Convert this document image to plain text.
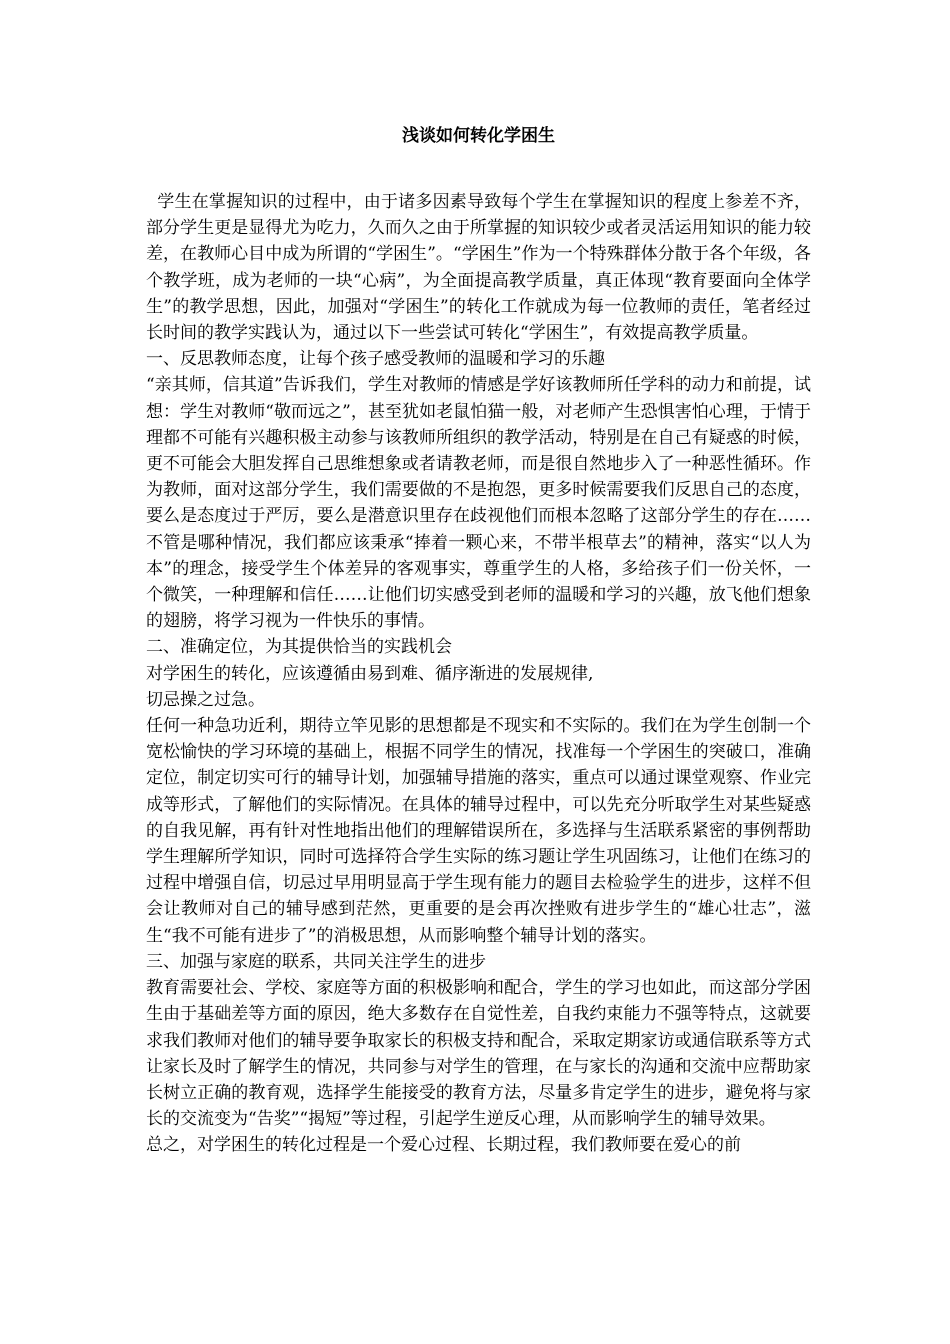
浅谈如何转化学困生

学生在掌握知识的过程中，由于诸多因素导致每个学生在掌握知识的程度上参差不齐，部分学生更是显得尤为吃力，久而久之由于所掌握的知识较少或者灵活运用知识的能力较差，在教师心目中成为所谓的“学困生”。“学困生”作为一个特殊群体分散于各个年级，各个教学班，成为老师的一块“心病”，为全面提高教学质量，真正体现“教育要面向全体学生”的教学思想，因此，加强对“学困生”的转化工作就成为每一位教师的责任，笔者经过长时间的教学实践认为，通过以下一些尝试可转化“学困生”，有效提高教学质量。

一、反思教师态度，让每个孩子感受教师的温暖和学习的乐趣

“亲其师，信其道”告诉我们，学生对教师的情感是学好该教师所任学科的动力和前提，试想：学生对教师“敬而远之”，甚至犹如老鼠怕猫一般，对老师产生恐惧害怕心理，于情于理都不可能有兴趣积极主动参与该教师所组织的教学活动，特别是在自己有疑惑的时候，更不可能会大胆发挥自己思维想象或者请教老师，而是很自然地步入了一种恶性循环。作为教师，面对这部分学生，我们需要做的不是抱怨，更多时候需要我们反思自己的态度，要么是态度过于严厉，要么是潜意识里存在歧视他们而根本忽略了这部分学生的存在……不管是哪种情况，我们都应该秉承“捧着一颗心来，不带半根草去”的精神，落实“以人为本”的理念，接受学生个体差异的客观事实，尊重学生的人格，多给孩子们一份关怀，一个微笑，一种理解和信任……让他们切实感受到老师的温暖和学习的兴趣，放飞他们想象的翅膀，将学习视为一件快乐的事情。

二、准确定位，为其提供恰当的实践机会

对学困生的转化，应该遵循由易到难、循序渐进的发展规律,

切忌操之过急。

任何一种急功近利，期待立竿见影的思想都是不现实和不实际的。我们在为学生创制一个宽松愉快的学习环境的基础上，根据不同学生的情况，找准每一个学困生的突破口，准确定位，制定切实可行的辅导计划，加强辅导措施的落实，重点可以通过课堂观察、作业完成等形式，了解他们的实际情况。在具体的辅导过程中，可以先充分听取学生对某些疑惑的自我见解，再有针对性地指出他们的理解错误所在，多选择与生活联系紧密的事例帮助学生理解所学知识，同时可选择符合学生实际的练习题让学生巩固练习，让他们在练习的过程中增强自信，切忌过早用明显高于学生现有能力的题目去检验学生的进步，这样不但会让教师对自己的辅导感到茫然，更重要的是会再次挫败有进步学生的“雄心壮志”，滋生“我不可能有进步了”的消极思想，从而影响整个辅导计划的落实。

三、加强与家庭的联系，共同关注学生的进步

教育需要社会、学校、家庭等方面的积极影响和配合，学生的学习也如此，而这部分学困生由于基础差等方面的原因，绝大多数存在自觉性差，自我约束能力不强等特点，这就要求我们教师对他们的辅导要争取家长的积极支持和配合，采取定期家访或通信联系等方式让家长及时了解学生的情况，共同参与对学生的管理，在与家长的沟通和交流中应帮助家长树立正确的教育观，选择学生能接受的教育方法，尽量多肯定学生的进步，避免将与家长的交流变为“告奖”“揭短”等过程，引起学生逆反心理，从而影响学生的辅导效果。

总之，对学困生的转化过程是一个爱心过程、长期过程，我们教师要在爱心的前
